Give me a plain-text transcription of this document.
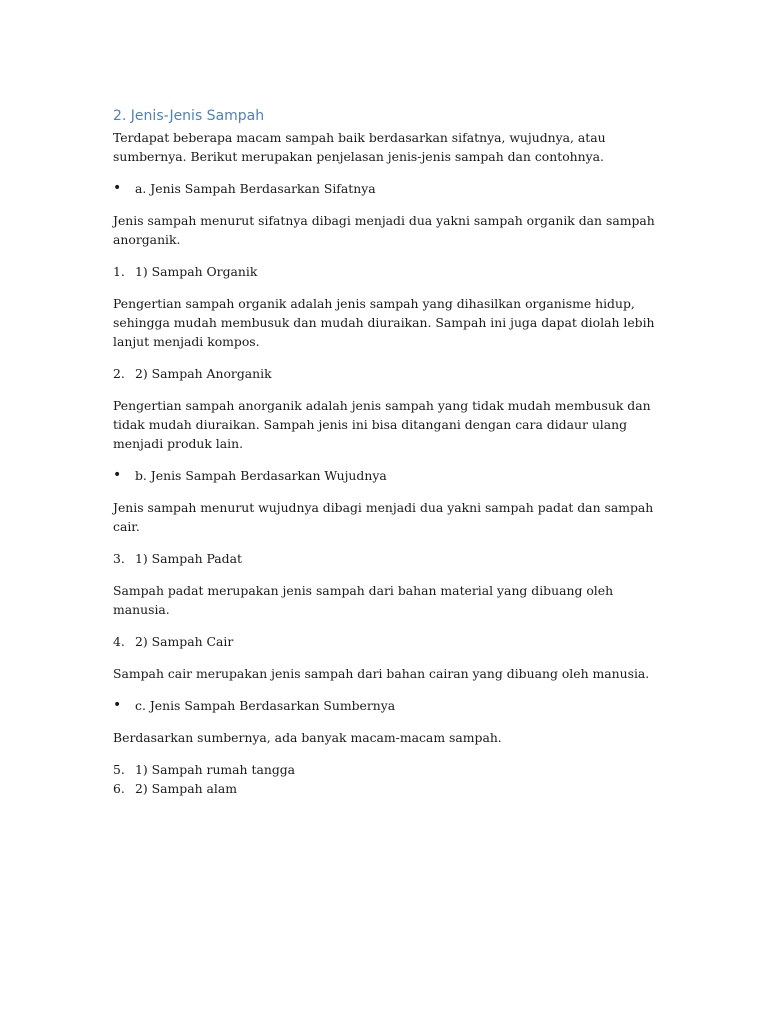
2. Jenis-Jenis Sampah

Terdapat beberapa macam sampah baik berdasarkan sifatnya, wujudnya, atau sumbernya. Berikut merupakan penjelasan jenis-jenis sampah dan contohnya.

•	a. Jenis Sampah Berdasarkan Sifatnya

Jenis sampah menurut sifatnya dibagi menjadi dua yakni sampah organik dan sampah anorganik.

1. 1) Sampah Organik

Pengertian sampah organik adalah jenis sampah yang dihasilkan organisme hidup, sehingga mudah membusuk dan mudah diuraikan. Sampah ini juga dapat diolah lebih lanjut menjadi kompos.

2. 2) Sampah Anorganik

Pengertian sampah anorganik adalah jenis sampah yang tidak mudah membusuk dan tidak mudah diuraikan. Sampah jenis ini bisa ditangani dengan cara didaur ulang menjadi produk lain.

•	b. Jenis Sampah Berdasarkan Wujudnya

Jenis sampah menurut wujudnya dibagi menjadi dua yakni sampah padat dan sampah cair.

3. 1) Sampah Padat

Sampah padat merupakan jenis sampah dari bahan material yang dibuang oleh manusia.

4. 2) Sampah Cair

Sampah cair merupakan jenis sampah dari bahan cairan yang dibuang oleh manusia.

•	c. Jenis Sampah Berdasarkan Sumbernya

Berdasarkan sumbernya, ada banyak macam-macam sampah.

5. 1) Sampah rumah tangga
6. 2) Sampah alam
